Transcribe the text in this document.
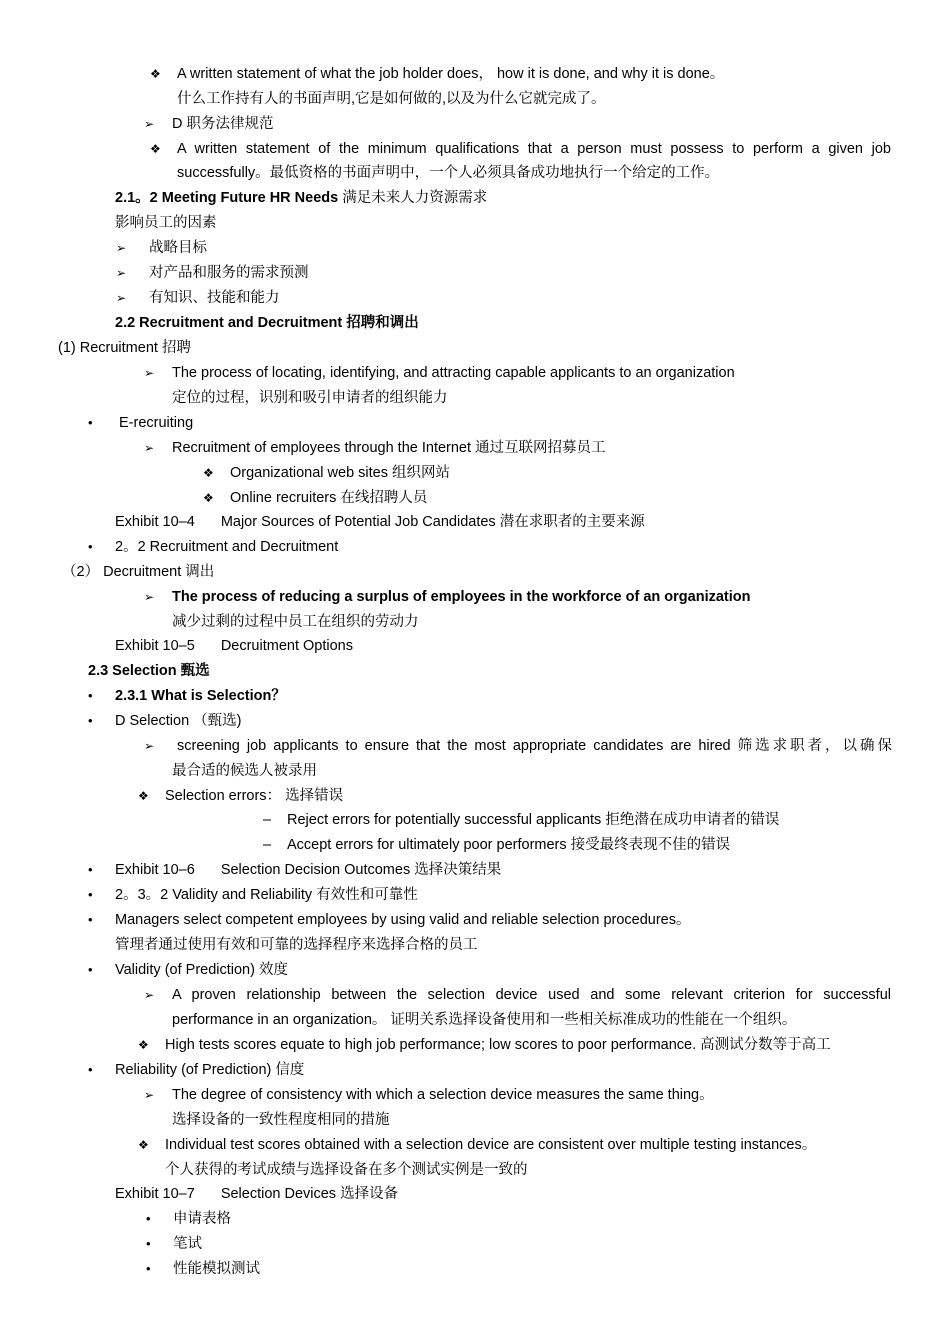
❖ A written statement of what the job holder does， how it is done, and why it is done。
什么工作持有人的书面声明,它是如何做的,以及为什么它就完成了。
➢ D 职务法律规范
❖ A written statement of the minimum qualifications that a person must possess to perform a given job
successfully。最低资格的书面声明中，一个人必须具备成功地执行一个给定的工作。
2.1。2 Meeting Future HR Needs 满足未来人力资源需求
影响员工的因素
➢ 战略目标
➢ 对产品和服务的需求预测
➢ 有知识、技能和能力
2.2 Recruitment and Decruitment 招聘和调出
(1) Recruitment 招聘
➢ The process of locating, identifying, and attracting capable applicants to an organization
定位的过程，识别和吸引申请者的组织能力
• E-recruiting
➢ Recruitment of employees through the Internet 通过互联网招募员工
❖ Organizational web sites 组织网站
❖ Online recruiters 在线招聘人员
Exhibit 10–4 Major Sources of Potential Job Candidates 潜在求职者的主要来源
• 2。2 Recruitment and Decruitment
（2） Decruitment 调出
➢ The process of reducing a surplus of employees in the workforce of an organization
减少过剩的过程中员工在组织的劳动力
Exhibit 10–5 Decruitment Options
2.3 Selection 甄选
• 2.3.1 What is Selection？
• D Selection （甄选)
➢ screening job applicants to ensure that the most appropriate candidates are hired 筛选求职者，以确保
最合适的候选人被录用
❖ Selection errors： 选择错误
– Reject errors for potentially successful applicants 拒绝潜在成功申请者的错误
– Accept errors for ultimately poor performers 接受最终表现不佳的错误
• Exhibit 10–6 Selection Decision Outcomes 选择决策结果
• 2。3。2 Validity and Reliability 有效性和可靠性
• Managers select competent employees by using valid and reliable selection procedures。
管理者通过使用有效和可靠的选择程序来选择合格的员工
• Validity (of Prediction) 效度
➢ A proven relationship between the selection device used and some relevant criterion for successful
performance in an organization。 证明关系选择设备使用和一些相关标准成功的性能在一个组织。
❖ High tests scores equate to high job performance; low scores to poor performance. 高测试分数等于高工
• Reliability (of Prediction) 信度
➢ The degree of consistency with which a selection device measures the same thing。
选择设备的一致性程度相同的措施
❖ Individual test scores obtained with a selection device are consistent over multiple testing instances。
个人获得的考试成绩与选择设备在多个测试实例是一致的
Exhibit 10–7 Selection Devices 选择设备
• 申请表格
• 笔试
• 性能模拟测试
